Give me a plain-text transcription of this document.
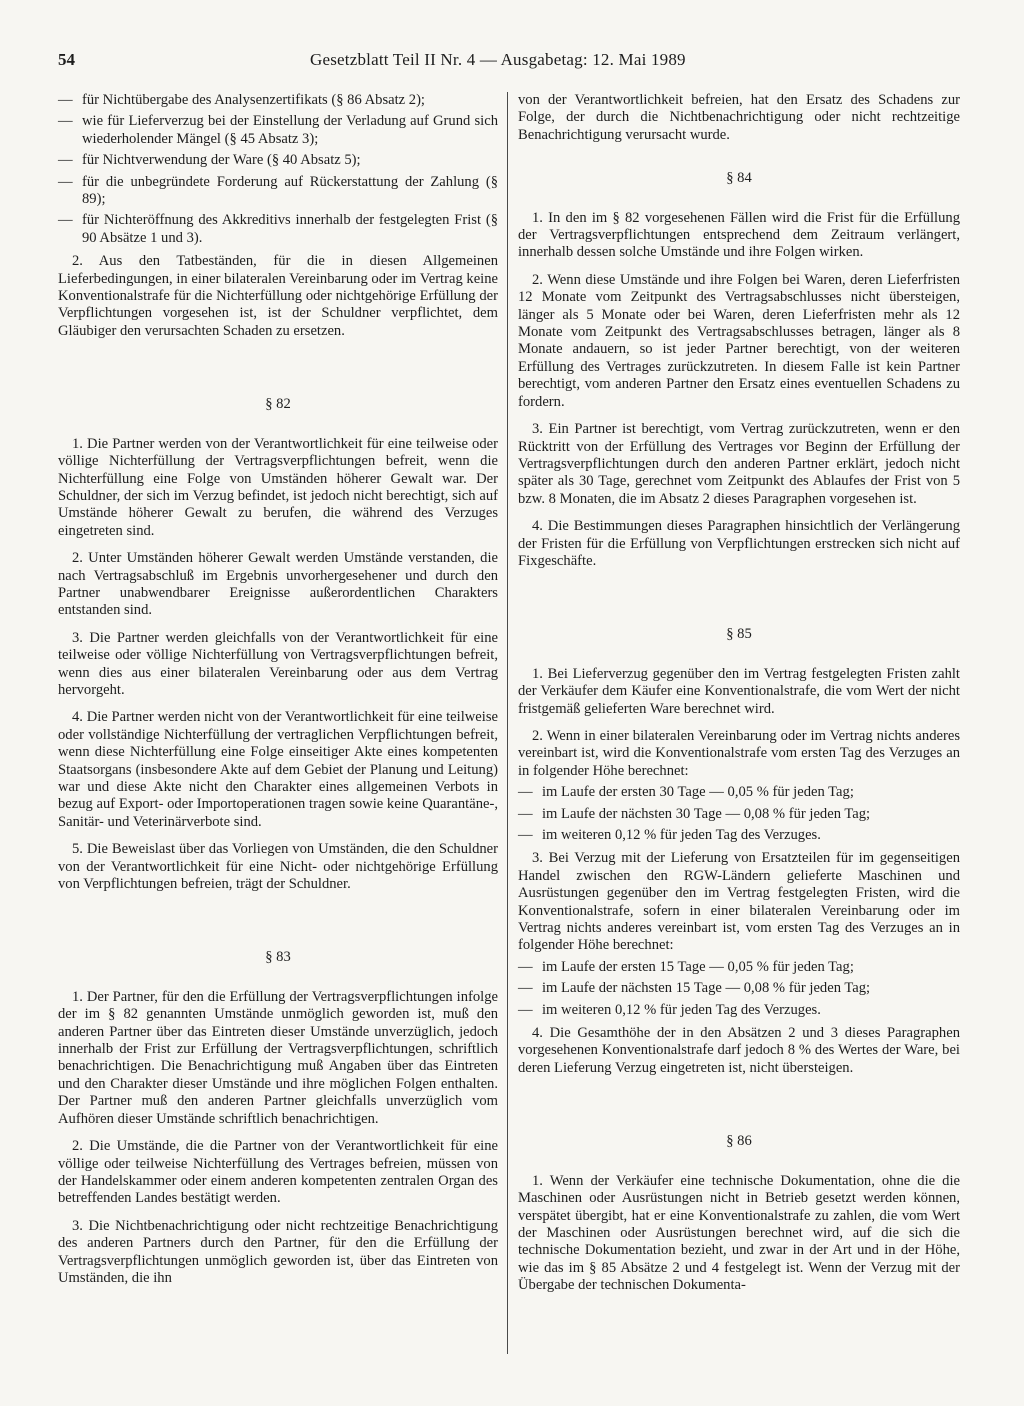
54	Gesetzblatt Teil II Nr. 4 — Ausgabetag: 12. Mai 1989
— für Nichtübergabe des Analysenzertifikats (§ 86 Absatz 2);
— wie für Lieferverzug bei der Einstellung der Verladung auf Grund sich wiederholender Mängel (§ 45 Absatz 3);
— für Nichtverwendung der Ware (§ 40 Absatz 5);
— für die unbegründete Forderung auf Rückerstattung der Zahlung (§ 89);
— für Nichteröffnung des Akkreditivs innerhalb der festgelegten Frist (§ 90 Absätze 1 und 3).

2. Aus den Tatbeständen, für die in diesen Allgemeinen Lieferbedingungen, in einer bilateralen Vereinbarung oder im Vertrag keine Konventionalstrafe für die Nichterfüllung oder nichtgehörige Erfüllung der Verpflichtungen vorgesehen ist, ist der Schuldner verpflichtet, dem Gläubiger den verursachten Schaden zu ersetzen.

§ 82

1. Die Partner werden von der Verantwortlichkeit für eine teilweise oder völlige Nichterfüllung der Vertragsverpflichtungen befreit, wenn die Nichterfüllung eine Folge von Umständen höherer Gewalt war. Der Schuldner, der sich im Verzug befindet, ist jedoch nicht berechtigt, sich auf Umstände höherer Gewalt zu berufen, die während des Verzuges eingetreten sind.

2. Unter Umständen höherer Gewalt werden Umstände verstanden, die nach Vertragsabschluß im Ergebnis unvorhergesehener und durch den Partner unabwendbarer Ereignisse außerordentlichen Charakters entstanden sind.

3. Die Partner werden gleichfalls von der Verantwortlichkeit für eine teilweise oder völlige Nichterfüllung von Vertragsverpflichtungen befreit, wenn dies aus einer bilateralen Vereinbarung oder aus dem Vertrag hervorgeht.

4. Die Partner werden nicht von der Verantwortlichkeit für eine teilweise oder vollständige Nichterfüllung der vertraglichen Verpflichtungen befreit, wenn diese Nichterfüllung eine Folge einseitiger Akte eines kompetenten Staatsorgans (insbesondere Akte auf dem Gebiet der Planung und Leitung) war und diese Akte nicht den Charakter eines allgemeinen Verbots in bezug auf Export- oder Importoperationen tragen sowie keine Quarantäne-, Sanitär- und Veterinärverbote sind.

5. Die Beweislast über das Vorliegen von Umständen, die den Schuldner von der Verantwortlichkeit für eine Nicht- oder nichtgehörige Erfüllung von Verpflichtungen befreien, trägt der Schuldner.

§ 83

1. Der Partner, für den die Erfüllung der Vertragsverpflichtungen infolge der im § 82 genannten Umstände unmöglich geworden ist, muß den anderen Partner über das Eintreten dieser Umstände unverzüglich, jedoch innerhalb der Frist zur Erfüllung der Vertragsverpflichtungen, schriftlich benachrichtigen. Die Benachrichtigung muß Angaben über das Eintreten und den Charakter dieser Umstände und ihre möglichen Folgen enthalten. Der Partner muß den anderen Partner gleichfalls unverzüglich vom Aufhören dieser Umstände schriftlich benachrichtigen.

2. Die Umstände, die die Partner von der Verantwortlichkeit für eine völlige oder teilweise Nichterfüllung des Vertrages befreien, müssen von der Handelskammer oder einem anderen kompetenten zentralen Organ des betreffenden Landes bestätigt werden.

3. Die Nichtbenachrichtigung oder nicht rechtzeitige Benachrichtigung des anderen Partners durch den Partner, für den die Erfüllung der Vertragsverpflichtungen unmöglich geworden ist, über das Eintreten von Umständen, die ihn

von der Verantwortlichkeit befreien, hat den Ersatz des Schadens zur Folge, der durch die Nichtbenachrichtigung oder nicht rechtzeitige Benachrichtigung verursacht wurde.

§ 84

1. In den im § 82 vorgesehenen Fällen wird die Frist für die Erfüllung der Vertragsverpflichtungen entsprechend dem Zeitraum verlängert, innerhalb dessen solche Umstände und ihre Folgen wirken.

2. Wenn diese Umstände und ihre Folgen bei Waren, deren Lieferfristen 12 Monate vom Zeitpunkt des Vertragsabschlusses nicht übersteigen, länger als 5 Monate oder bei Waren, deren Lieferfristen mehr als 12 Monate vom Zeitpunkt des Vertragsabschlusses betragen, länger als 8 Monate andauern, so ist jeder Partner berechtigt, von der weiteren Erfüllung des Vertrages zurückzutreten. In diesem Falle ist kein Partner berechtigt, vom anderen Partner den Ersatz eines eventuellen Schadens zu fordern.

3. Ein Partner ist berechtigt, vom Vertrag zurückzutreten, wenn er den Rücktritt von der Erfüllung des Vertrages vor Beginn der Erfüllung der Vertragsverpflichtungen durch den anderen Partner erklärt, jedoch nicht später als 30 Tage, gerechnet vom Zeitpunkt des Ablaufes der Frist von 5 bzw. 8 Monaten, die im Absatz 2 dieses Paragraphen vorgesehen ist.

4. Die Bestimmungen dieses Paragraphen hinsichtlich der Verlängerung der Fristen für die Erfüllung von Verpflichtungen erstrecken sich nicht auf Fixgeschäfte.

§ 85

1. Bei Lieferverzug gegenüber den im Vertrag festgelegten Fristen zahlt der Verkäufer dem Käufer eine Konventionalstrafe, die vom Wert der nicht fristgemäß gelieferten Ware berechnet wird.

2. Wenn in einer bilateralen Vereinbarung oder im Vertrag nichts anderes vereinbart ist, wird die Konventionalstrafe vom ersten Tag des Verzuges an in folgender Höhe berechnet:

— im Laufe der ersten 30 Tage — 0,05 % für jeden Tag;
— im Laufe der nächsten 30 Tage — 0,08 % für jeden Tag;
— im weiteren 0,12 % für jeden Tag des Verzuges.

3. Bei Verzug mit der Lieferung von Ersatzteilen für im gegenseitigen Handel zwischen den RGW-Ländern gelieferte Maschinen und Ausrüstungen gegenüber den im Vertrag festgelegten Fristen, wird die Konventionalstrafe, sofern in einer bilateralen Vereinbarung oder im Vertrag nichts anderes vereinbart ist, vom ersten Tag des Verzuges an in folgender Höhe berechnet:

— im Laufe der ersten 15 Tage — 0,05 % für jeden Tag;
— im Laufe der nächsten 15 Tage — 0,08 % für jeden Tag;
— im weiteren 0,12 % für jeden Tag des Verzuges.

4. Die Gesamthöhe der in den Absätzen 2 und 3 dieses Paragraphen vorgesehenen Konventionalstrafe darf jedoch 8 % des Wertes der Ware, bei deren Lieferung Verzug eingetreten ist, nicht übersteigen.

§ 86

1. Wenn der Verkäufer eine technische Dokumentation, ohne die die Maschinen oder Ausrüstungen nicht in Betrieb gesetzt werden können, verspätet übergibt, hat er eine Konventionalstrafe zu zahlen, die vom Wert der Maschinen oder Ausrüstungen berechnet wird, auf die sich die technische Dokumentation bezieht, und zwar in der Art und in der Höhe, wie das im § 85 Absätze 2 und 4 festgelegt ist. Wenn der Verzug mit der Übergabe der technischen Dokumenta-
